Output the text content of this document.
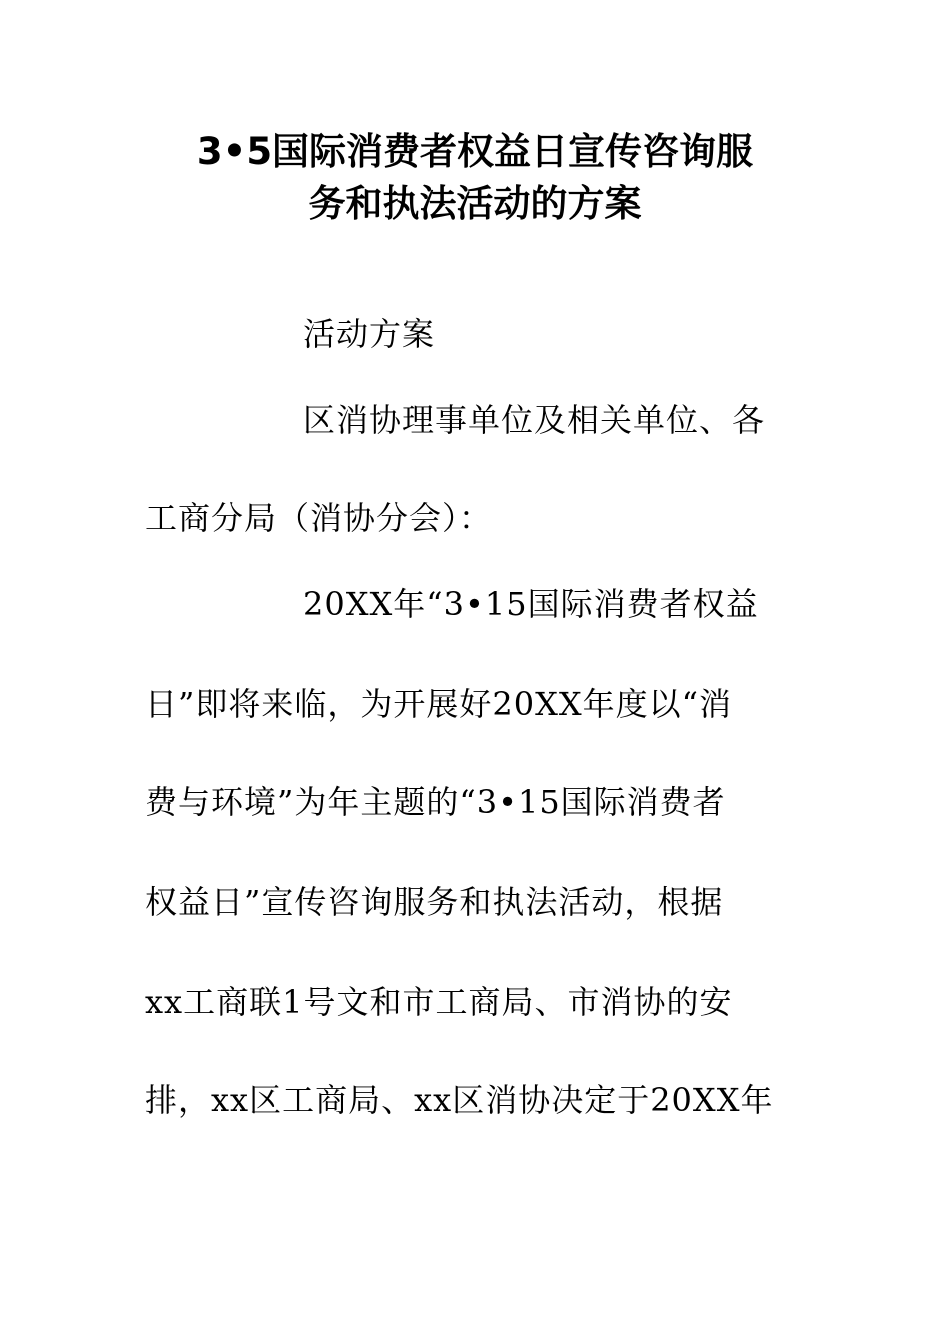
3•5国际消费者权益日宣传咨询服
务和执法活动的方案
活动方案
区消协理事单位及相关单位、各
工商分局（消协分会）：
20XX年“3•15国际消费者权益
日”即将来临，为开展好20XX年度以“消
费与环境”为年主题的“3•15国际消费者
权益日”宣传咨询服务和执法活动，根据
xx工商联1号文和市工商局、市消协的安
排，xx区工商局、xx区消协决定于20XX年
